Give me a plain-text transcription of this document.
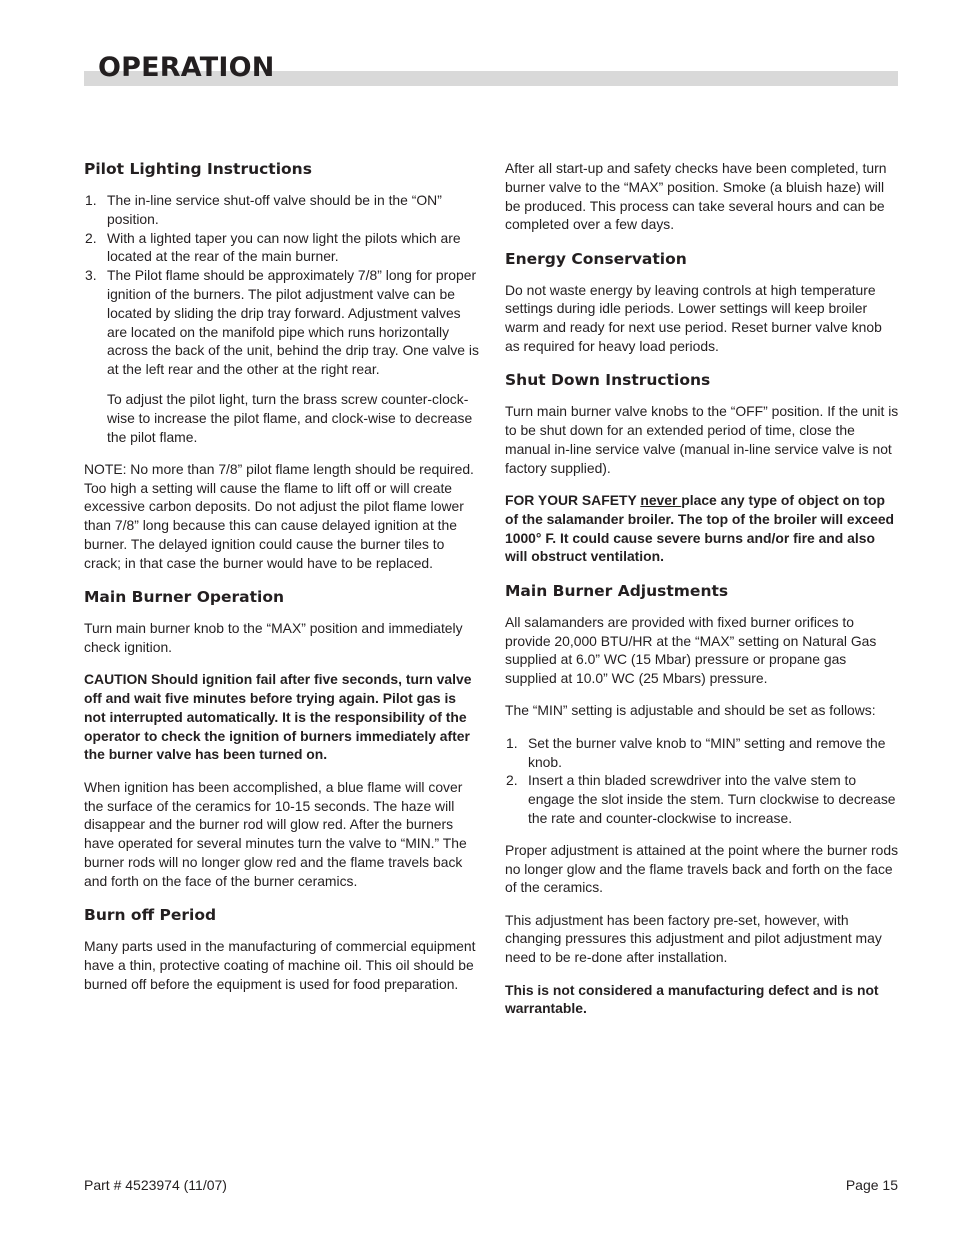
OPERATION
Pilot Lighting Instructions
1. The in-line service shut-off valve should be in the “ON” position.
2. With a lighted taper you can now light the pilots which are located at the rear of the main burner.
3. The Pilot flame should be approximately 7/8” long for proper ignition of the burners. The pilot adjustment valve can be located by sliding the drip tray forward. Adjustment valves are located on the manifold pipe which runs horizontally across the back of the unit, behind the drip tray. One valve is at the left rear and the other at the right rear.

To adjust the pilot light, turn the brass screw counter-clock-wise to increase the pilot flame, and clock-wise to decrease the pilot flame.

NOTE: No more than 7/8” pilot flame length should be required. Too high a setting will cause the flame to lift off or will create excessive carbon deposits. Do not adjust the pilot flame lower than 7/8” long because this can cause delayed ignition at the burner. The delayed ignition could cause the burner tiles to crack; in that case the burner would have to be replaced.

Main Burner Operation

Turn main burner knob to the “MAX” position and immediately check ignition.

CAUTION Should ignition fail after five seconds, turn valve off and wait five minutes before trying again. Pilot gas is not interrupted automatically. It is the responsibility of the operator to check the ignition of burners immediately after the burner valve has been turned on.

When ignition has been accomplished, a blue flame will cover the surface of the ceramics for 10-15 seconds. The haze will disappear and the burner rod will glow red. After the burners have operated for several minutes turn the valve to “MIN.” The burner rods will no longer glow red and the flame travels back and forth on the face of the burner ceramics.

Burn off Period

Many parts used in the manufacturing of commercial equipment have a thin, protective coating of machine oil. This oil should be burned off before the equipment is used for food preparation.

After all start-up and safety checks have been completed, turn burner valve to the “MAX” position. Smoke (a bluish haze) will be produced. This process can take several hours and can be completed over a few days.

Energy Conservation

Do not waste energy by leaving controls at high temperature settings during idle periods. Lower settings will keep broiler warm and ready for next use period. Reset burner valve knob as required for heavy load periods.

Shut Down Instructions

Turn main burner valve knobs to the “OFF” position. If the unit is to be shut down for an extended period of time, close the manual in-line service valve (manual in-line service valve is not factory supplied).

FOR YOUR SAFETY never place any type of object on top of the salamander broiler. The top of the broiler will exceed 1000° F. It could cause severe burns and/or fire and also will obstruct ventilation.

Main Burner Adjustments

All salamanders are provided with fixed burner orifices to provide 20,000 BTU/HR at the “MAX” setting on Natural Gas supplied at 6.0” WC (15 Mbar) pressure or propane gas supplied at 10.0” WC (25 Mbars) pressure.

The “MIN” setting is adjustable and should be set as follows:

1. Set the burner valve knob to “MIN” setting and remove the knob.
2. Insert a thin bladed screwdriver into the valve stem to engage the slot inside the stem. Turn clockwise to decrease the rate and counter-clockwise to increase.

Proper adjustment is attained at the point where the burner rods no longer glow and the flame travels back and forth on the face of the ceramics.

This adjustment has been factory pre-set, however, with changing pressures this adjustment and pilot adjustment may need to be re-done after installation.

This is not considered a manufacturing defect and is not warrantable.

Part # 4523974 (11/07)	Page 15
